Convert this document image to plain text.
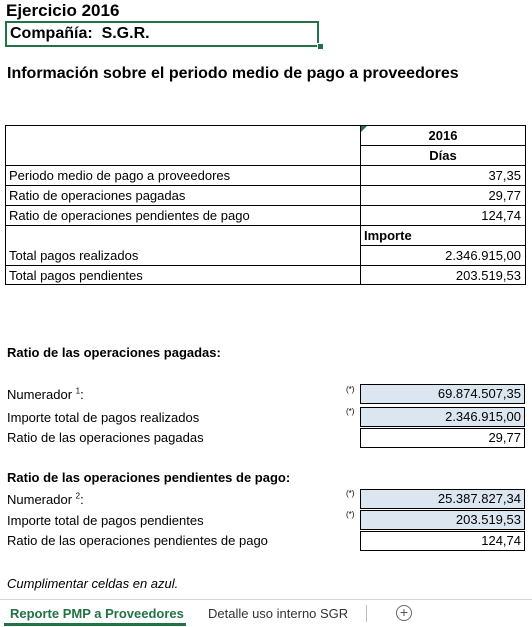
Ejercicio 2016
Compañía:  S.G.R.
Información sobre el periodo medio de pago a proveedores
2016
Días
Periodo medio de pago a proveedores	37,35
Ratio de operaciones pagadas	29,77
Ratio de operaciones pendientes de pago	124,74
Importe
Total pagos realizados	2.346.915,00
Total pagos pendientes	203.519,53
Ratio de las operaciones pagadas:
Numerador $^1$:	(*)	69.874.507,35
Importe total de pagos realizados	(*)	2.346.915,00
Ratio de las operaciones pagadas	29,77
Ratio de las operaciones pendientes de pago:
Numerador $^2$:	(*)	25.387.827,34
Importe total de pagos pendientes	(*)	203.519,53
Ratio de las operaciones pendientes de pago	124,74
Cumplimentar celdas en azul.
Reporte PMP a Proveedores Detalle uso interno SGR	+
